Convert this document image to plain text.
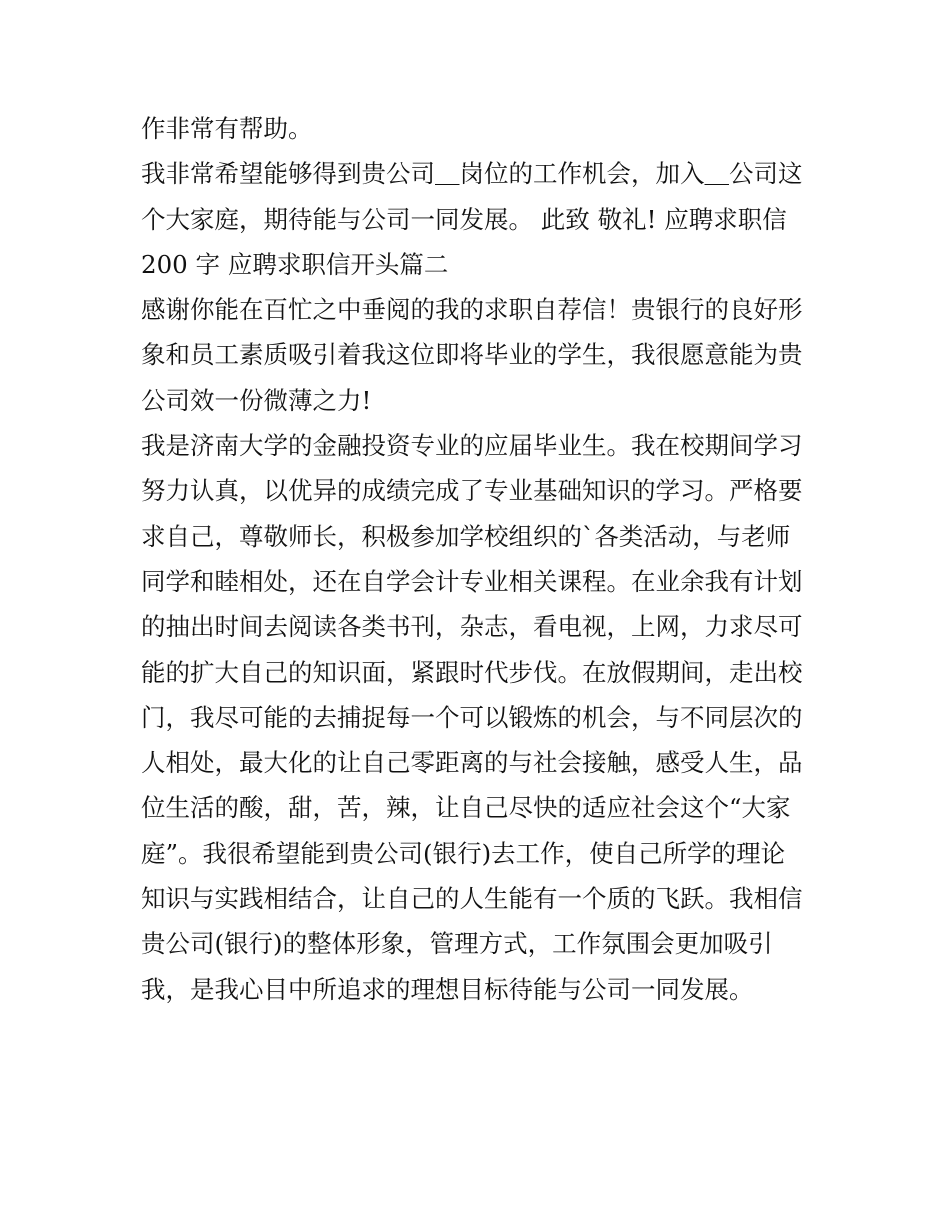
作非常有帮助。
我非常希望能够得到贵公司＿岗位的工作机会，加入＿公司这
个大家庭，期待能与公司一同发展。 此致 敬礼! 应聘求职信
200 字 应聘求职信开头篇二
感谢你能在百忙之中垂阅的我的求职自荐信！贵银行的良好形
象和员工素质吸引着我这位即将毕业的学生，我很愿意能为贵
公司效一份微薄之力!
我是济南大学的金融投资专业的应届毕业生。我在校期间学习
努力认真，以优异的成绩完成了专业基础知识的学习。严格要
求自己，尊敬师长，积极参加学校组织的`各类活动，与老师
同学和睦相处，还在自学会计专业相关课程。在业余我有计划
的抽出时间去阅读各类书刊，杂志，看电视，上网，力求尽可
能的扩大自己的知识面，紧跟时代步伐。在放假期间，走出校
门，我尽可能的去捕捉每一个可以锻炼的机会，与不同层次的
人相处，最大化的让自己零距离的与社会接触，感受人生，品
位生活的酸，甜，苦，辣，让自己尽快的适应社会这个“大家
庭”。我很希望能到贵公司(银行)去工作，使自己所学的理论
知识与实践相结合，让自己的人生能有一个质的飞跃。我相信
贵公司(银行)的整体形象，管理方式，工作氛围会更加吸引
我，是我心目中所追求的理想目标待能与公司一同发展。
